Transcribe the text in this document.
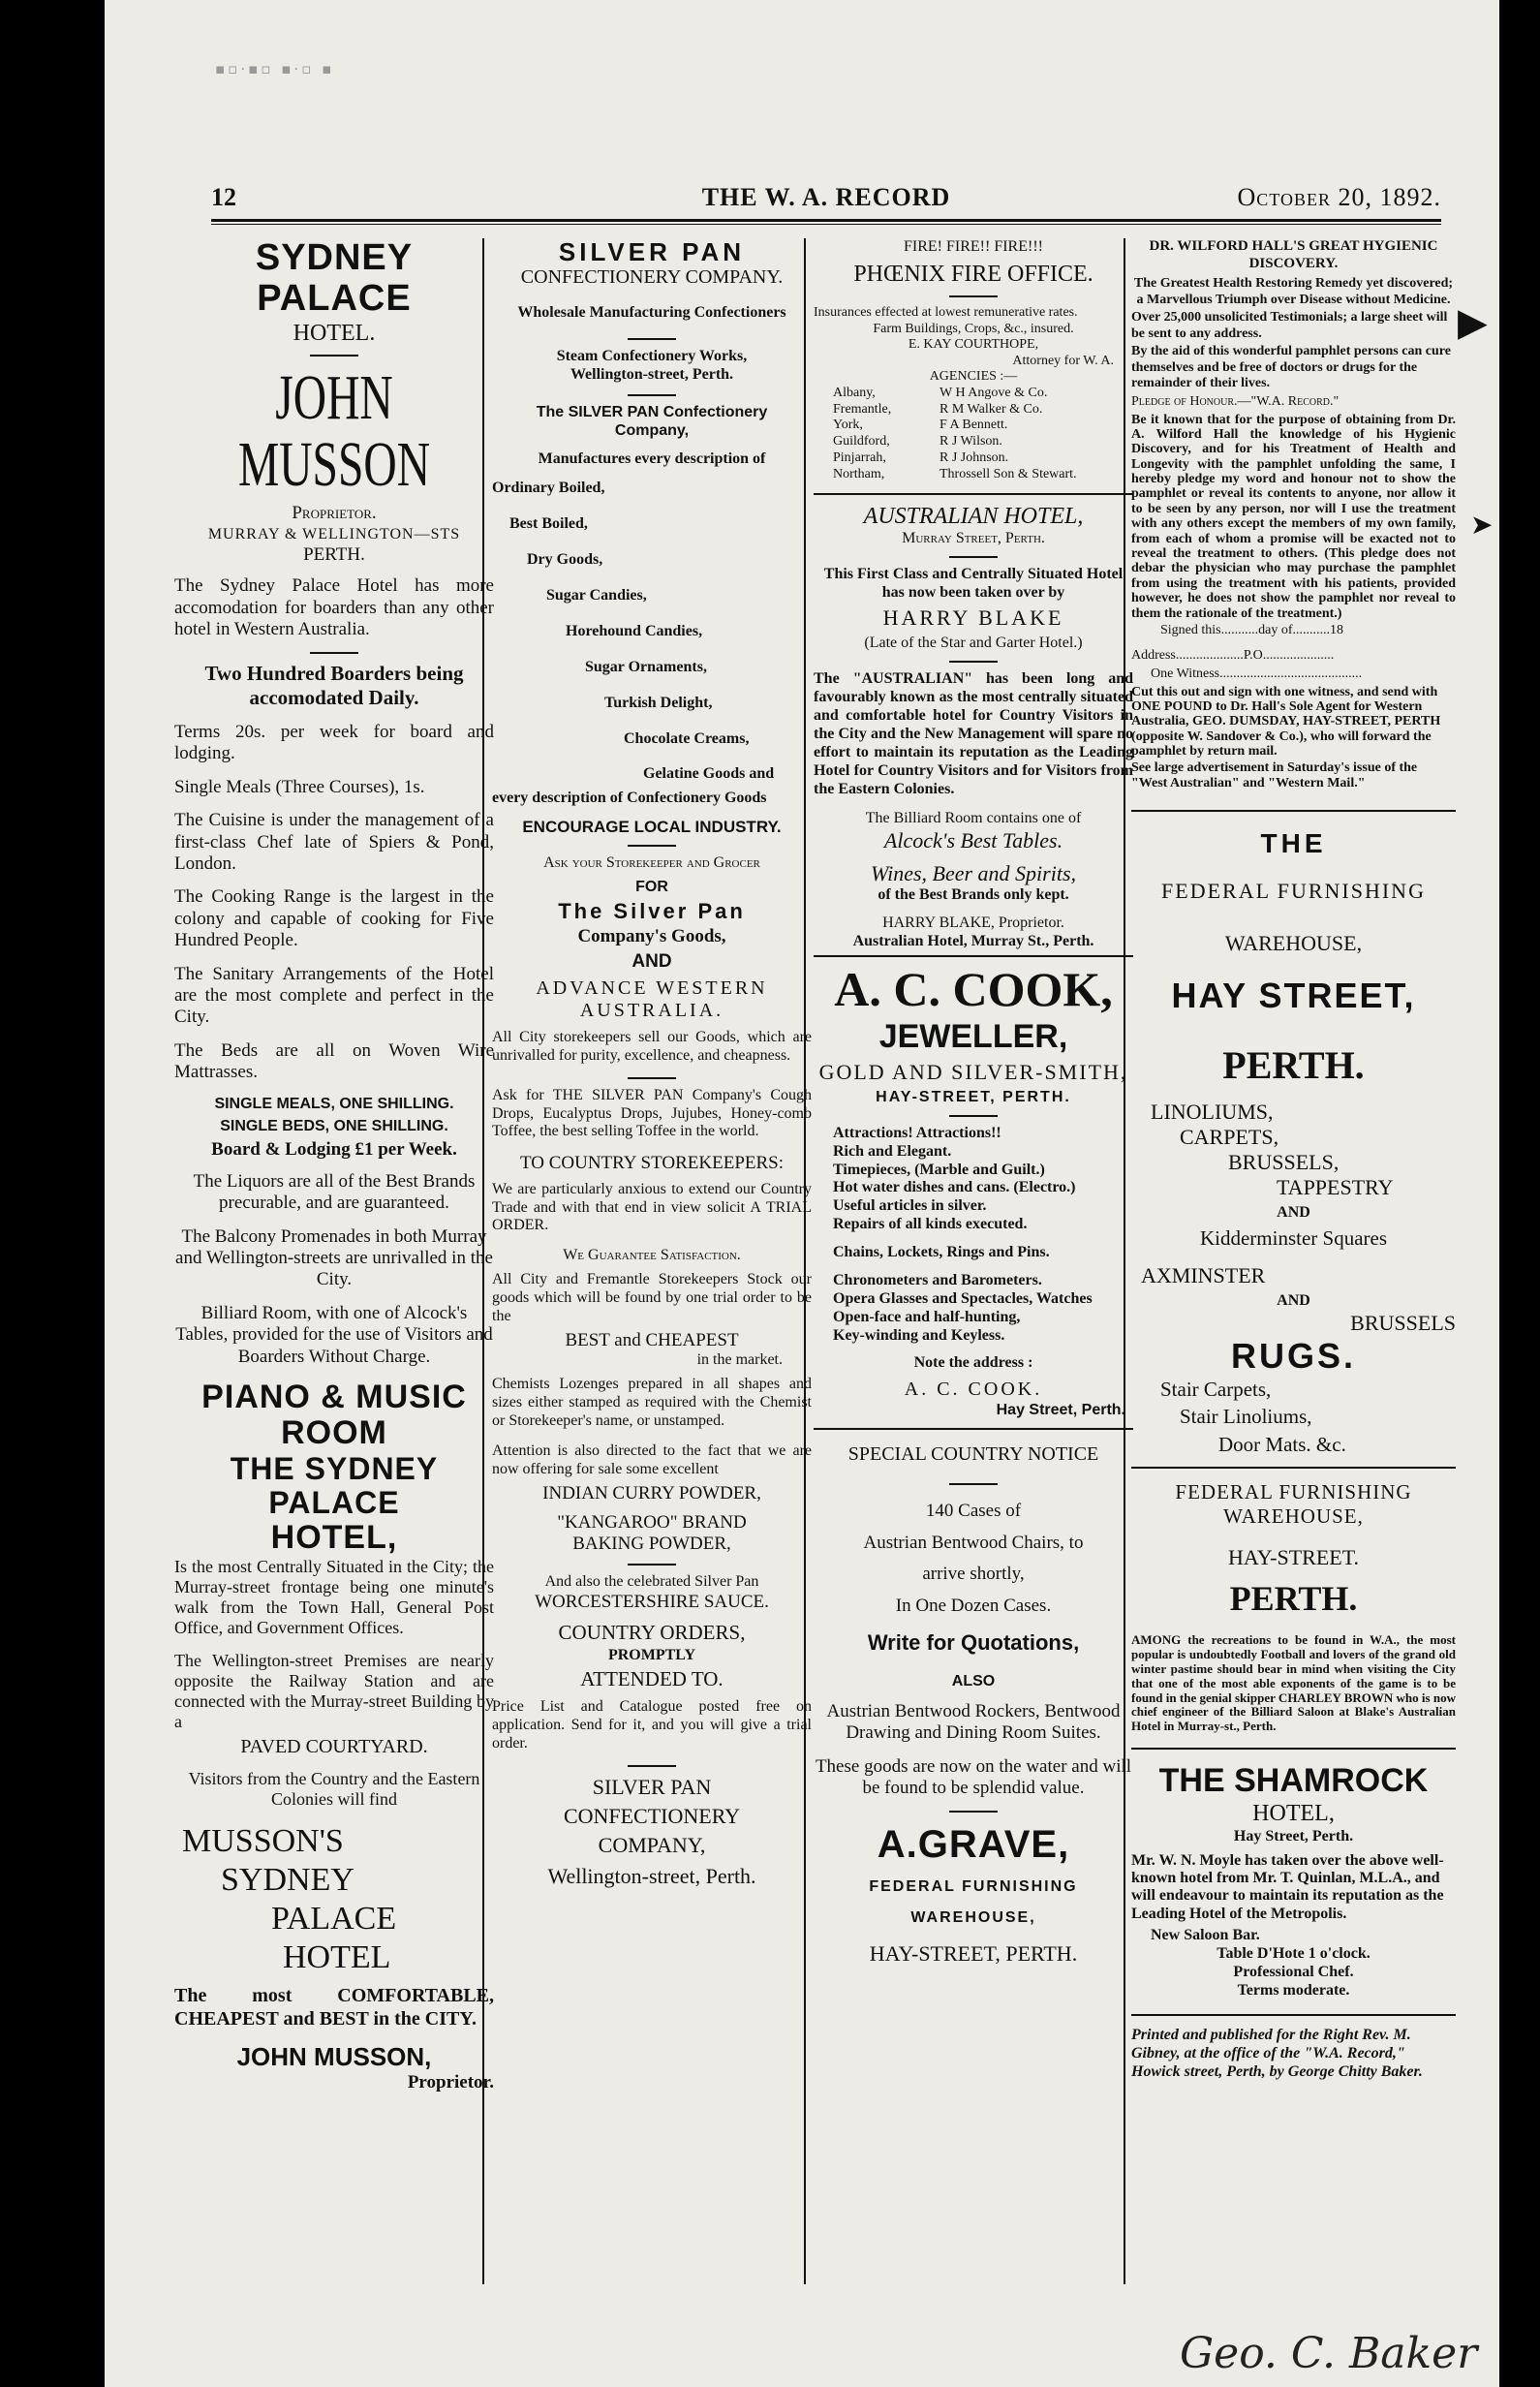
▪▫·▪▫ ▪·▫ ▪
12	THE W. A. RECORD	October 20, 1892.

SYDNEY PALACE

HOTEL.

JOHN MUSSON

Proprietor.

MURRAY & WELLINGTON—STS

PERTH.

The Sydney Palace Hotel has more accomodation for boarders than any other hotel in Western Australia.

Two Hundred Boarders being accomodated Daily.

Terms 20s. per week for board and lodging.

Single Meals (Three Courses), 1s.

The Cuisine is under the management of a first-class Chef late of Spiers & Pond, London.

The Cooking Range is the largest in the colony and capable of cooking for Five Hundred People.

The Sanitary Arrangements of the Hotel are the most complete and perfect in the City.

The Beds are all on Woven Wire Mattrasses.

SINGLE MEALS, ONE SHILLING.

SINGLE BEDS, ONE SHILLING.

Board & Lodging £1 per Week.

The Liquors are all of the Best Brands precurable, and are guaranteed.

The Balcony Promenades in both Murray and Wellington-streets are unrivalled in the City.

Billiard Room, with one of Alcock's Tables, provided for the use of Visitors and Boarders Without Charge.

PIANO & MUSIC ROOM

THE SYDNEY PALACE

HOTEL,

Is the most Centrally Situated in the City; the Murray-street frontage being one minute's walk from the Town Hall, General Post Office, and Government Offices.

The Wellington-street Premises are nearly opposite the Railway Station and are connected with the Murray-street Building by a

PAVED COURTYARD.

Visitors from the Country and the Eastern Colonies will find

MUSSON'S

SYDNEY

PALACE

HOTEL

The most COMFORTABLE, CHEAPEST and BEST in the CITY.

JOHN MUSSON,

Proprietor.

SILVER PAN

CONFECTIONERY COMPANY.

Wholesale Manufacturing Confectioners

Steam Confectionery Works, Wellington-street, Perth.

The SILVER PAN Confectionery Company,

Manufactures every description of

Ordinary Boiled,

Best Boiled,

Dry Goods,

Sugar Candies,

Horehound Candies,

Sugar Ornaments,

Turkish Delight,

Chocolate Creams,

Gelatine Goods and

every description of Confectionery Goods

ENCOURAGE LOCAL INDUSTRY.

Ask your Storekeeper and Grocer

FOR

The Silver Pan

Company's Goods,

AND

ADVANCE WESTERN AUSTRALIA.

All City storekeepers sell our Goods, which are unrivalled for purity, excellence, and cheapness.

Ask for THE SILVER PAN Company's Cough Drops, Eucalyptus Drops, Jujubes, Honey-comb Toffee, the best selling Toffee in the world.

TO COUNTRY STOREKEEPERS:

We are particularly anxious to extend our Country Trade and with that end in view solicit A TRIAL ORDER.

We Guarantee Satisfaction.

All City and Fremantle Storekeepers Stock our goods which will be found by one trial order to be the

BEST and CHEAPEST

in the market.

Chemists Lozenges prepared in all shapes and sizes either stamped as required with the Chemist or Storekeeper's name, or unstamped.

Attention is also directed to the fact that we are now offering for sale some excellent

INDIAN CURRY POWDER,

"KANGAROO" BRAND BAKING POWDER,

And also the celebrated Silver Pan

WORCESTERSHIRE SAUCE.

COUNTRY ORDERS,

PROMPTLY

ATTENDED TO.

Price List and Catalogue posted free on application. Send for it, and you will give a trial order.

SILVER PAN

CONFECTIONERY

COMPANY,

Wellington-street, Perth.

FIRE! FIRE!! FIRE!!!

PHŒNIX FIRE OFFICE.

Insurances effected at lowest remunerative rates.

Farm Buildings, Crops, &c., insured.

E. KAY COURTHOPE,

Attorney for W. A.

AGENCIES :—

Albany,	W H Angove & Co.
Fremantle,	R M Walker & Co.
York,	F A Bennett.
Guildford,	R J Wilson.
Pinjarrah,	R J Johnson.
Northam,	Throssell Son & Stewart.

AUSTRALIAN HOTEL,

Murray Street, Perth.

This First Class and Centrally Situated Hotel has now been taken over by

HARRY BLAKE

(Late of the Star and Garter Hotel.)

The "AUSTRALIAN" has been long and favourably known as the most centrally situated and comfortable hotel for Country Visitors in the City and the New Management will spare no effort to maintain its reputation as the Leading Hotel for Country Visitors and for Visitors from the Eastern Colonies.

The Billiard Room contains one of

Alcock's Best Tables.

Wines, Beer and Spirits,

of the Best Brands only kept.

HARRY BLAKE, Proprietor.

Australian Hotel, Murray St., Perth.

A. C. COOK,

JEWELLER,

GOLD AND SILVER-SMITH,

HAY-STREET, PERTH.

Attractions! Attractions!!
Rich and Elegant.
Timepieces, (Marble and Guilt.)
Hot water dishes and cans. (Electro.)
Useful articles in silver.
Repairs of all kinds executed.

Chains, Lockets, Rings and Pins.

Chronometers and Barometers.
Opera Glasses and Spectacles, Watches
Open-face and half-hunting,
Key-winding and Keyless.

Note the address :

A. C. COOK.

Hay Street, Perth.

SPECIAL COUNTRY NOTICE

140 Cases of

Austrian Bentwood Chairs, to

arrive shortly,

In One Dozen Cases.

Write for Quotations,

ALSO

Austrian Bentwood Rockers, Bentwood Drawing and Dining Room Suites.

These goods are now on the water and will be found to be splendid value.

A.GRAVE,

FEDERAL FURNISHING

WAREHOUSE,

HAY-STREET, PERTH.

DR. WILFORD HALL'S GREAT HYGIENIC DISCOVERY.

The Greatest Health Restoring Remedy yet discovered; a Marvellous Triumph over Disease without Medicine.

Over 25,000 unsolicited Testimonials; a large sheet will be sent to any address.

By the aid of this wonderful pamphlet persons can cure themselves and be free of doctors or drugs for the remainder of their lives.

Pledge of Honour.—"W.A. Record."

Be it known that for the purpose of obtaining from Dr. A. Wilford Hall the knowledge of his Hygienic Discovery, and for his Treatment of Health and Longevity with the pamphlet unfolding the same, I hereby pledge my word and honour not to show the pamphlet or reveal its contents to anyone, nor allow it to be seen by any person, nor will I use the treatment with any others except the members of my own family, from each of whom a promise will be exacted not to reveal the treatment to others. (This pledge does not debar the physician who may purchase the pamphlet from using the treatment with his patients, provided however, he does not show the pamphlet nor reveal to them the rationale of the treatment.)

Signed this...........day of...........18

Address....................P.O.....................

One Witness..........................................

Cut this out and sign with one witness, and send with ONE POUND to Dr. Hall's Sole Agent for Western Australia, GEO. DUMSDAY, HAY-STREET, PERTH (opposite W. Sandover & Co.), who will forward the pamphlet by return mail.

See large advertisement in Saturday's issue of the "West Australian" and "Western Mail."

THE

FEDERAL FURNISHING

WAREHOUSE,

HAY STREET,

PERTH.

LINOLIUMS,

CARPETS,

BRUSSELS,

TAPPESTRY

AND

Kidderminster Squares

AXMINSTER

AND

BRUSSELS

RUGS.

Stair Carpets,

Stair Linoliums,

Door Mats. &c.

FEDERAL FURNISHING WAREHOUSE,

HAY-STREET.

PERTH.

AMONG the recreations to be found in W.A., the most popular is undoubtedly Football and lovers of the grand old winter pastime should bear in mind when visiting the City that one of the most able exponents of the game is to be found in the genial skipper CHARLEY BROWN who is now chief engineer of the Billiard Saloon at Blake's Australian Hotel in Murray-st., Perth.

THE SHAMROCK

HOTEL,

Hay Street, Perth.

Mr. W. N. Moyle has taken over the above well-known hotel from Mr. T. Quinlan, M.L.A., and will endeavour to maintain its reputation as the Leading Hotel of the Metropolis.

New Saloon Bar.

Table D'Hote 1 o'clock.

Professional Chef.

Terms moderate.

Printed and published for the Right Rev. M. Gibney, at the office of the "W.A. Record," Howick street, Perth, by George Chitty Baker.

Geo. C. Baker
▶
➤
